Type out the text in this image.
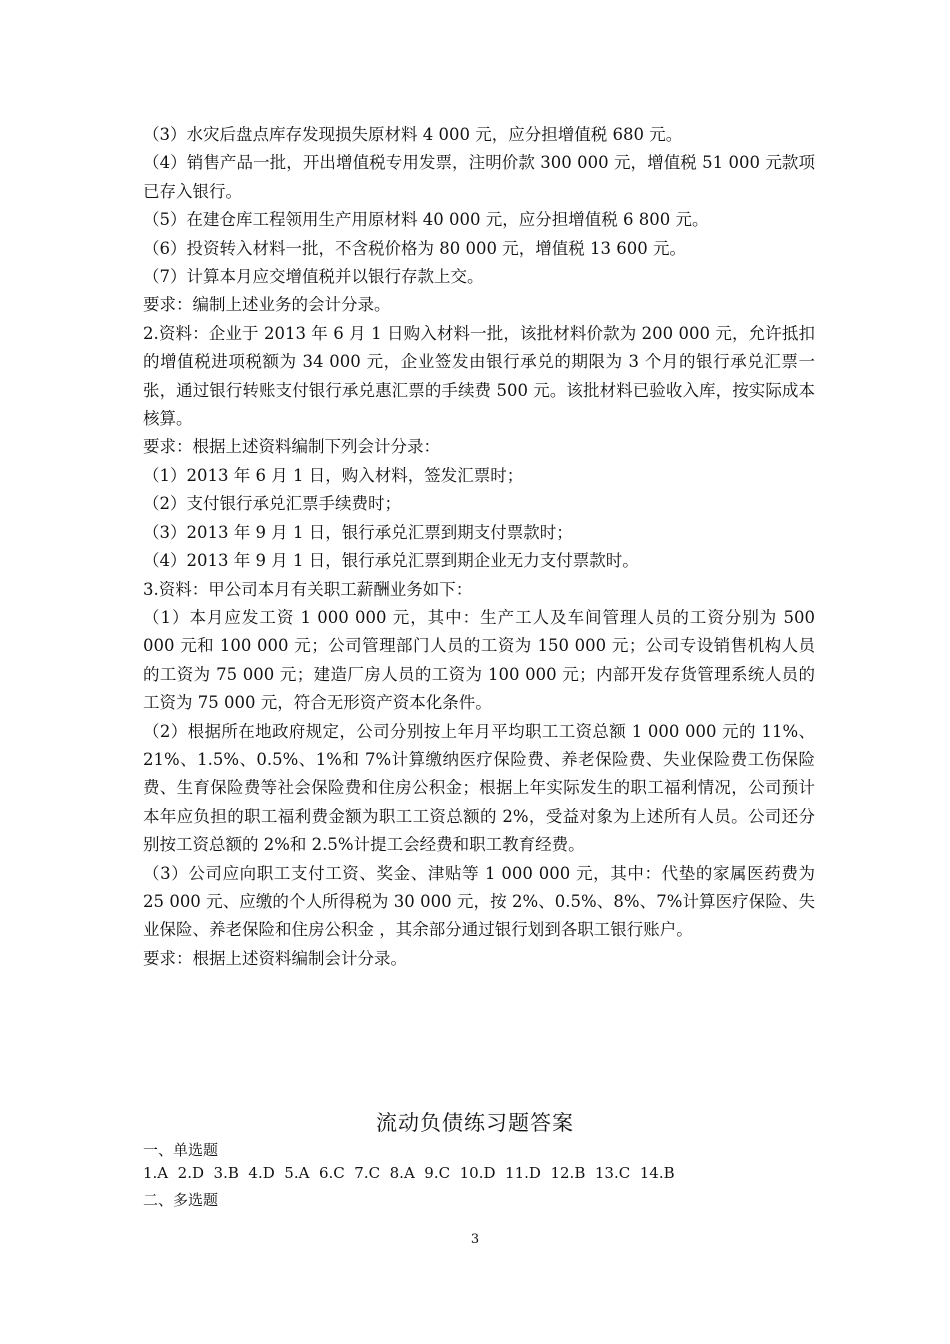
（3）水灾后盘点库存发现损失原材料 4 000 元，应分担增值税 680 元。

（4）销售产品一批，开出增值税专用发票，注明价款 300 000 元，增值税 51 000 元款项已存入银行。

（5）在建仓库工程领用生产用原材料 40 000 元，应分担增值税 6 800 元。

（6）投资转入材料一批，不含税价格为 80 000 元，增值税 13 600 元。

（7）计算本月应交增值税并以银行存款上交。

要求：编制上述业务的会计分录。

2.资料：企业于 2013 年 6 月 1 日购入材料一批，该批材料价款为 200 000 元，允许抵扣的增值税进项税额为 34 000 元，企业签发由银行承兑的期限为 3 个月的银行承兑汇票一张，通过银行转账支付银行承兑惠汇票的手续费 500 元。该批材料已验收入库，按实际成本核算。

要求：根据上述资料编制下列会计分录：

（1）2013 年 6 月 1 日，购入材料，签发汇票时；

（2）支付银行承兑汇票手续费时；

（3）2013 年 9 月 1 日，银行承兑汇票到期支付票款时；

（4）2013 年 9 月 1 日，银行承兑汇票到期企业无力支付票款时。

3.资料：甲公司本月有关职工薪酬业务如下：

（1）本月应发工资 1 000 000 元，其中：生产工人及车间管理人员的工资分别为 500 000 元和 100 000 元；公司管理部门人员的工资为 150 000 元；公司专设销售机构人员的工资为 75 000 元；建造厂房人员的工资为 100 000 元；内部开发存货管理系统人员的工资为 75 000 元，符合无形资产资本化条件。

（2）根据所在地政府规定，公司分别按上年月平均职工工资总额 1 000 000 元的 11%、21%、1.5%、0.5%、1%和 7%计算缴纳医疗保险费、养老保险费、失业保险费工伤保险费、生育保险费等社会保险费和住房公积金；根据上年实际发生的职工福利情况，公司预计本年应负担的职工福利费金额为职工工资总额的 2%，受益对象为上述所有人员。公司还分别按工资总额的 2%和 2.5%计提工会经费和职工教育经费。

（3）公司应向职工支付工资、奖金、津贴等 1 000 000 元，其中：代垫的家属医药费为 25 000 元、应缴的个人所得税为 30 000 元，按 2%、0.5%、8%、7%计算医疗保险、失业保险、养老保险和住房公积金 ，其余部分通过银行划到各职工银行账户。

要求：根据上述资料编制会计分录。

流动负债练习题答案
一、单选题
1.A  2.D  3.B  4.D  5.A  6.C  7.C  8.A  9.C  10.D  11.D  12.B  13.C  14.B
二、多选题
3
